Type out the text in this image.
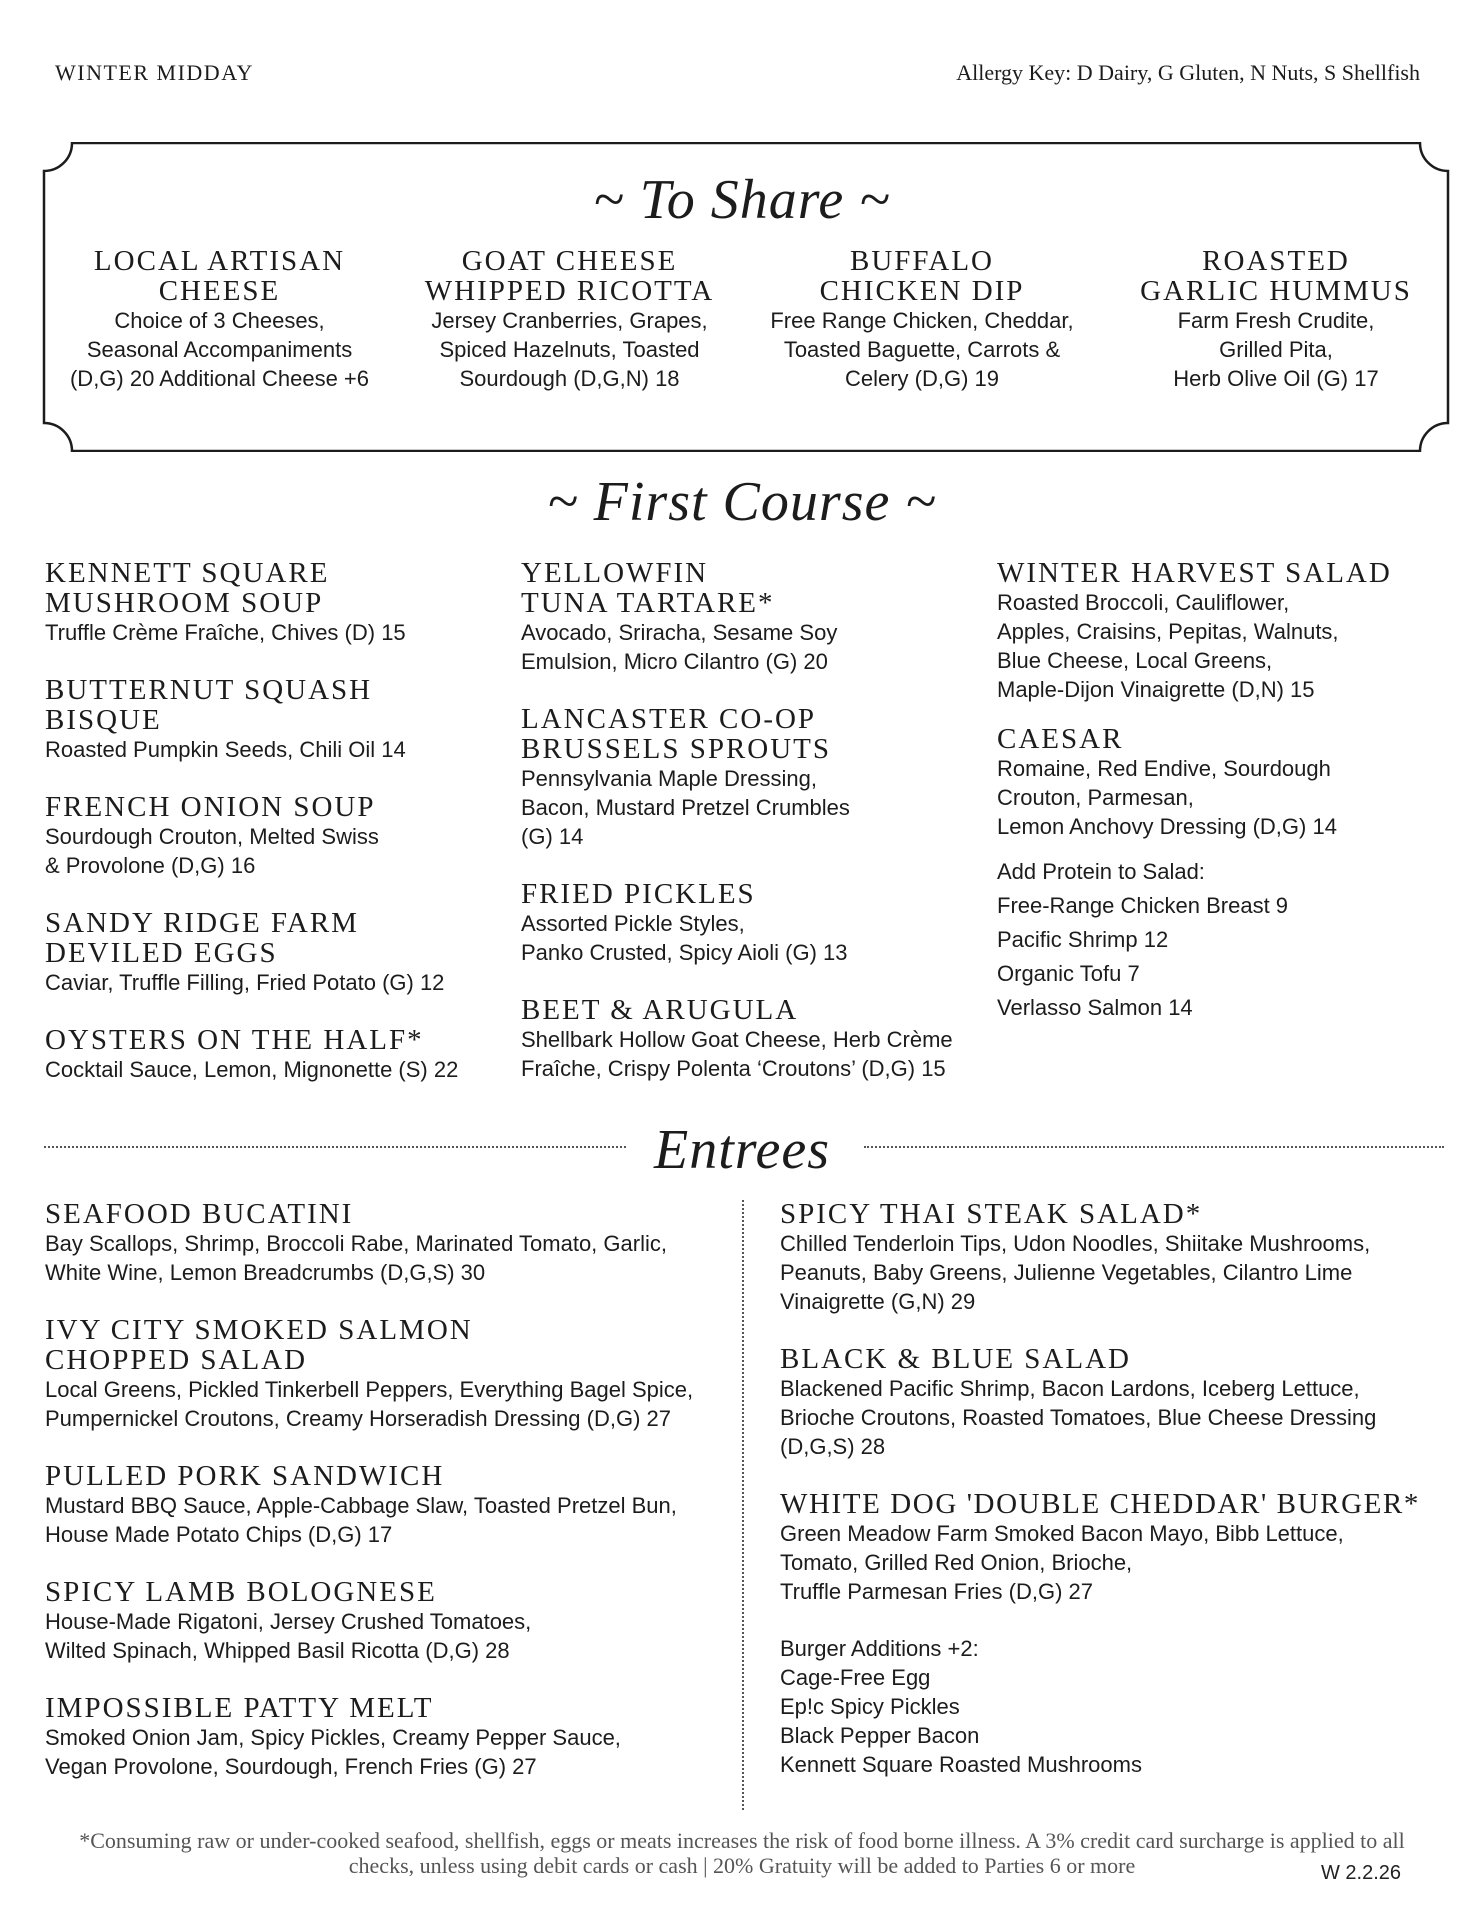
WINTER MIDDAY	Allergy Key: D Dairy, G Gluten, N Nuts, S Shellfish
~ To Share ~
LOCAL ARTISAN
CHEESE
Choice of 3 Cheeses,
Seasonal Accompaniments
(D,G) 20 Additional Cheese +6
GOAT CHEESE
WHIPPED RICOTTA
Jersey Cranberries, Grapes,
Spiced Hazelnuts, Toasted
Sourdough (D,G,N) 18
BUFFALO
CHICKEN DIP
Free Range Chicken, Cheddar,
Toasted Baguette, Carrots &
Celery (D,G) 19
ROASTED
GARLIC HUMMUS
Farm Fresh Crudite,
Grilled Pita,
Herb Olive Oil (G) 17
~ First Course ~
KENNETT SQUARE
MUSHROOM SOUP
Truffle Crème Fraîche, Chives (D) 15
BUTTERNUT SQUASH
BISQUE
Roasted Pumpkin Seeds, Chili Oil 14
FRENCH ONION SOUP
Sourdough Crouton, Melted Swiss
& Provolone (D,G) 16
SANDY RIDGE FARM
DEVILED EGGS
Caviar, Truffle Filling, Fried Potato (G) 12
OYSTERS ON THE HALF*
Cocktail Sauce, Lemon, Mignonette (S) 22
YELLOWFIN
TUNA TARTARE*
Avocado, Sriracha, Sesame Soy
Emulsion, Micro Cilantro (G) 20
LANCASTER CO-OP
BRUSSELS SPROUTS
Pennsylvania Maple Dressing,
Bacon, Mustard Pretzel Crumbles
(G) 14
FRIED PICKLES
Assorted Pickle Styles,
Panko Crusted, Spicy Aioli (G) 13
BEET & ARUGULA
Shellbark Hollow Goat Cheese, Herb Crème
Fraîche, Crispy Polenta ‘Croutons’ (D,G) 15
WINTER HARVEST SALAD
Roasted Broccoli, Cauliflower,
Apples, Craisins, Pepitas, Walnuts,
Blue Cheese, Local Greens,
Maple-Dijon Vinaigrette (D,N) 15
CAESAR
Romaine, Red Endive, Sourdough
Crouton, Parmesan,
Lemon Anchovy Dressing (D,G) 14
Add Protein to Salad:
Free-Range Chicken Breast 9
Pacific Shrimp 12
Organic Tofu 7
Verlasso Salmon 14
Entrees
SEAFOOD BUCATINI
Bay Scallops, Shrimp, Broccoli Rabe, Marinated Tomato, Garlic,
White Wine, Lemon Breadcrumbs (D,G,S) 30
IVY CITY SMOKED SALMON
CHOPPED SALAD
Local Greens, Pickled Tinkerbell Peppers, Everything Bagel Spice,
Pumpernickel Croutons, Creamy Horseradish Dressing (D,G) 27
PULLED PORK SANDWICH
Mustard BBQ Sauce, Apple-Cabbage Slaw, Toasted Pretzel Bun,
House Made Potato Chips (D,G) 17
SPICY LAMB BOLOGNESE
House-Made Rigatoni, Jersey Crushed Tomatoes,
Wilted Spinach, Whipped Basil Ricotta (D,G) 28
IMPOSSIBLE PATTY MELT
Smoked Onion Jam, Spicy Pickles, Creamy Pepper Sauce,
Vegan Provolone, Sourdough, French Fries (G) 27
SPICY THAI STEAK SALAD*
Chilled Tenderloin Tips, Udon Noodles, Shiitake Mushrooms,
Peanuts, Baby Greens, Julienne Vegetables, Cilantro Lime
Vinaigrette (G,N) 29
BLACK & BLUE SALAD
Blackened Pacific Shrimp, Bacon Lardons, Iceberg Lettuce,
Brioche Croutons, Roasted Tomatoes, Blue Cheese Dressing
(D,G,S) 28
WHITE DOG 'DOUBLE CHEDDAR' BURGER*
Green Meadow Farm Smoked Bacon Mayo, Bibb Lettuce,
Tomato, Grilled Red Onion, Brioche,
Truffle Parmesan Fries (D,G) 27
Burger Additions +2:
Cage-Free Egg
Ep!c Spicy Pickles
Black Pepper Bacon
Kennett Square Roasted Mushrooms
*Consuming raw or under-cooked seafood, shellfish, eggs or meats increases the risk of food borne illness. A 3% credit card surcharge is applied to all
checks, unless using debit cards or cash | 20% Gratuity will be added to Parties 6 or more	W 2.2.26
